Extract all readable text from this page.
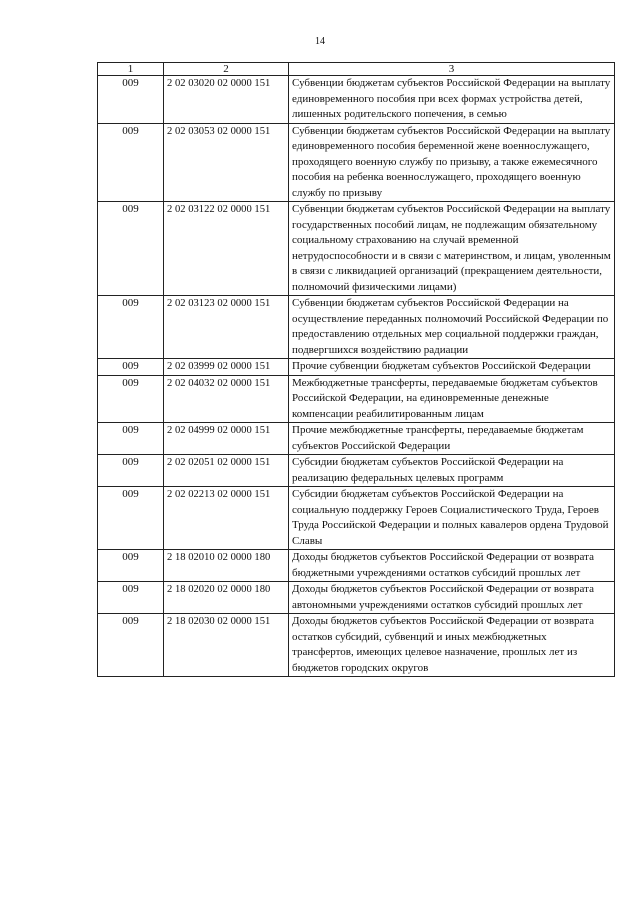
14
1	2	3
009	2 02 03020 02 0000 151	Субвенции бюджетам субъектов Российской Федерации на выплату единовременного пособия при всех формах устройства детей, лишенных родительского попечения, в семью
009	2 02 03053 02 0000 151	Субвенции бюджетам субъектов Российской Федерации на выплату единовременного пособия беременной жене военнослужащего, проходящего военную службу по призыву, а также ежемесячного пособия на ребенка военнослужащего, проходящего военную службу по призыву
009	2 02 03122 02 0000 151	Субвенции бюджетам субъектов Российской Федерации на выплату государственных пособий лицам, не подлежащим обязательному социальному страхованию на случай временной нетрудоспособности и в связи с материнством, и лицам, уволенным в связи с ликвидацией организаций (прекращением деятельности, полномочий физическими лицами)
009	2 02 03123 02 0000 151	Субвенции бюджетам субъектов Российской Федерации на осуществление переданных полномочий Российской Федерации по предоставлению отдельных мер социальной поддержки граждан, подвергшихся воздействию радиации
009	2 02 03999 02 0000 151	Прочие субвенции бюджетам субъектов Российской Федерации
009	2 02 04032 02 0000 151	Межбюджетные трансферты, передаваемые бюджетам субъектов Российской Федерации, на единовременные денежные компенсации реабилитированным лицам
009	2 02 04999 02 0000 151	Прочие межбюджетные трансферты, передаваемые бюджетам субъектов Российской Федерации
009	2 02 02051 02 0000 151	Субсидии бюджетам субъектов Российской Федерации на реализацию федеральных целевых программ
009	2 02 02213 02 0000 151	Субсидии бюджетам субъектов Российской Федерации на социальную поддержку Героев Социалистического Труда, Героев Труда Российской Федерации и полных кавалеров ордена Трудовой Славы
009	2 18 02010 02 0000 180	Доходы бюджетов субъектов Российской Федерации от возврата бюджетными учреждениями остатков субсидий прошлых лет
009	2 18 02020 02 0000 180	Доходы бюджетов субъектов Российской Федерации от возврата автономными учреждениями остатков субсидий прошлых лет
009	2 18 02030 02 0000 151	Доходы бюджетов субъектов Российской Федерации от возврата остатков субсидий, субвенций и иных межбюджетных трансфертов, имеющих целевое назначение, прошлых лет из бюджетов городских округов
